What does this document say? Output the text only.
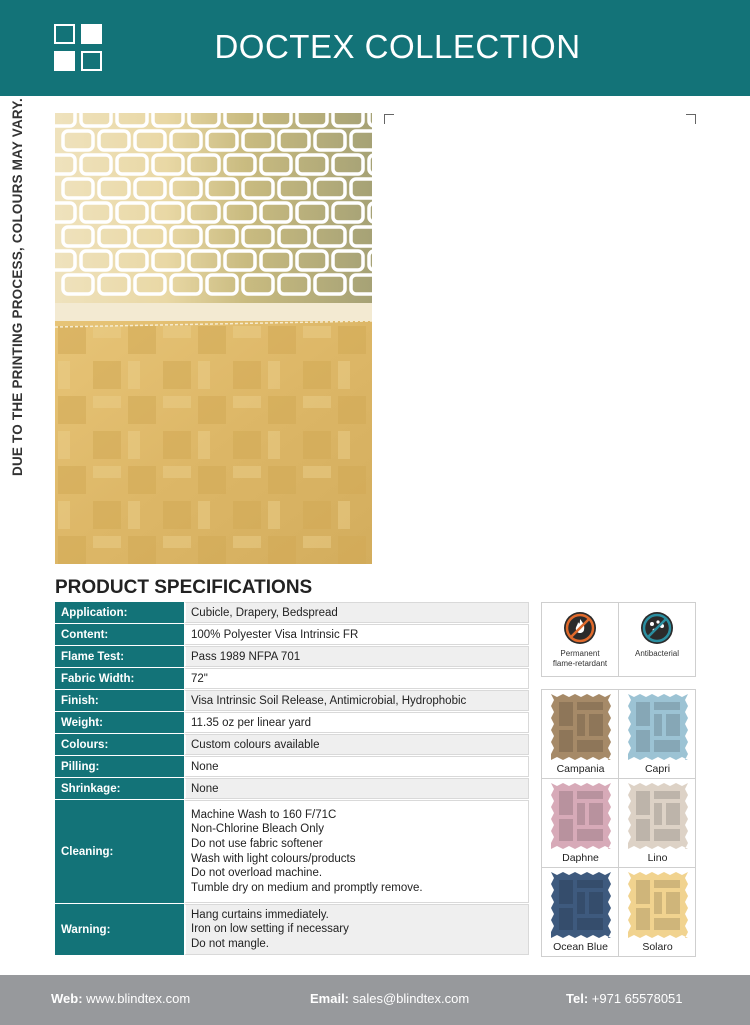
DOCTEX COLLECTION
DUE TO THE PRINTING PROCESS, COLOURS MAY VARY.
PRODUCT SPECIFICATIONS
Application:	Cubicle, Drapery, Bedspread
Content:	100% Polyester Visa Intrinsic FR
Flame Test:	Pass 1989 NFPA 701
Fabric Width:	72"
Finish:	Visa Intrinsic Soil Release, Antimicrobial, Hydrophobic
Weight:	11.35 oz per linear yard
Colours:	Custom colours available
Pilling:	None
Shrinkage:	None
Cleaning:
Machine Wash to 160 F/71C
Non-Chlorine Bleach Only
Do not use fabric softener
Wash with light colours/products
Do not overload machine.
Tumble dry on medium and promptly remove.
Warning:
Hang curtains immediately.
Iron on low setting if necessary
Do not mangle.
Permanent
flame-retardant
Antibacterial
Campania	Capri
Daphne	Lino
Ocean Blue	Solaro
Web: www.blindtex.com	Email: sales@blindtex.com	Tel: +971 65578051
